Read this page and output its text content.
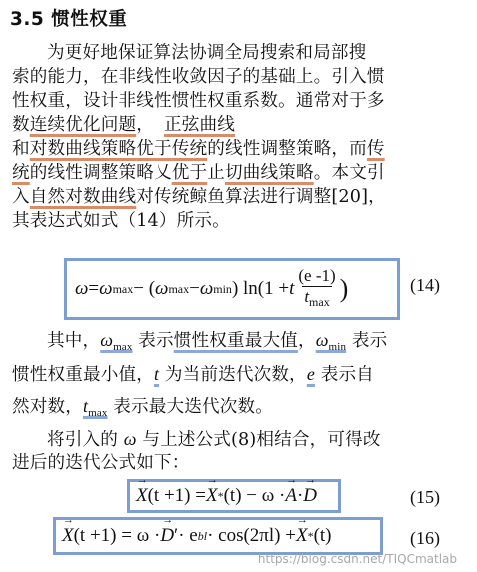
3.5 惯性权重
为更好地保证算法协调全局搜索和局部搜
索的能力，在非线性收敛因子的基础上。引入惯
性权重，设计非线性惯性权重系数。通常对于多
数连续优化问题， 正弦曲线
和对数曲线策略优于传统的线性调整策略，而传
统的线性调整策略乂优于止切曲线策略。本文引
入自然对数曲线对传统鲸鱼算法进行调整[20]，
其表达式如式（14）所示。
ω = ω max − ( ω max − ω min ) ln(1 + t $\frac{(e -1)}{t_{max}}$ )	(14)
其中，$\omega_{max}$ 表示惯性权重最大值，$\omega_{min}$ 表示
惯性权重最小值，t 为当前迭代次数，e 表示自
然对数，$t_{max}$ 表示最大迭代次数。
将引入的 ω 与上述公式(8)相结合，可得改
进后的迭代公式如下：
→ X (t +1) = → X * (t) − ω · → A · → D	(15)
→ X (t +1) = ω · → D ′ · e bl · cos(2πl) + → X * (t)	(16)
https://blog.csdn.net/TIQCmatlab
